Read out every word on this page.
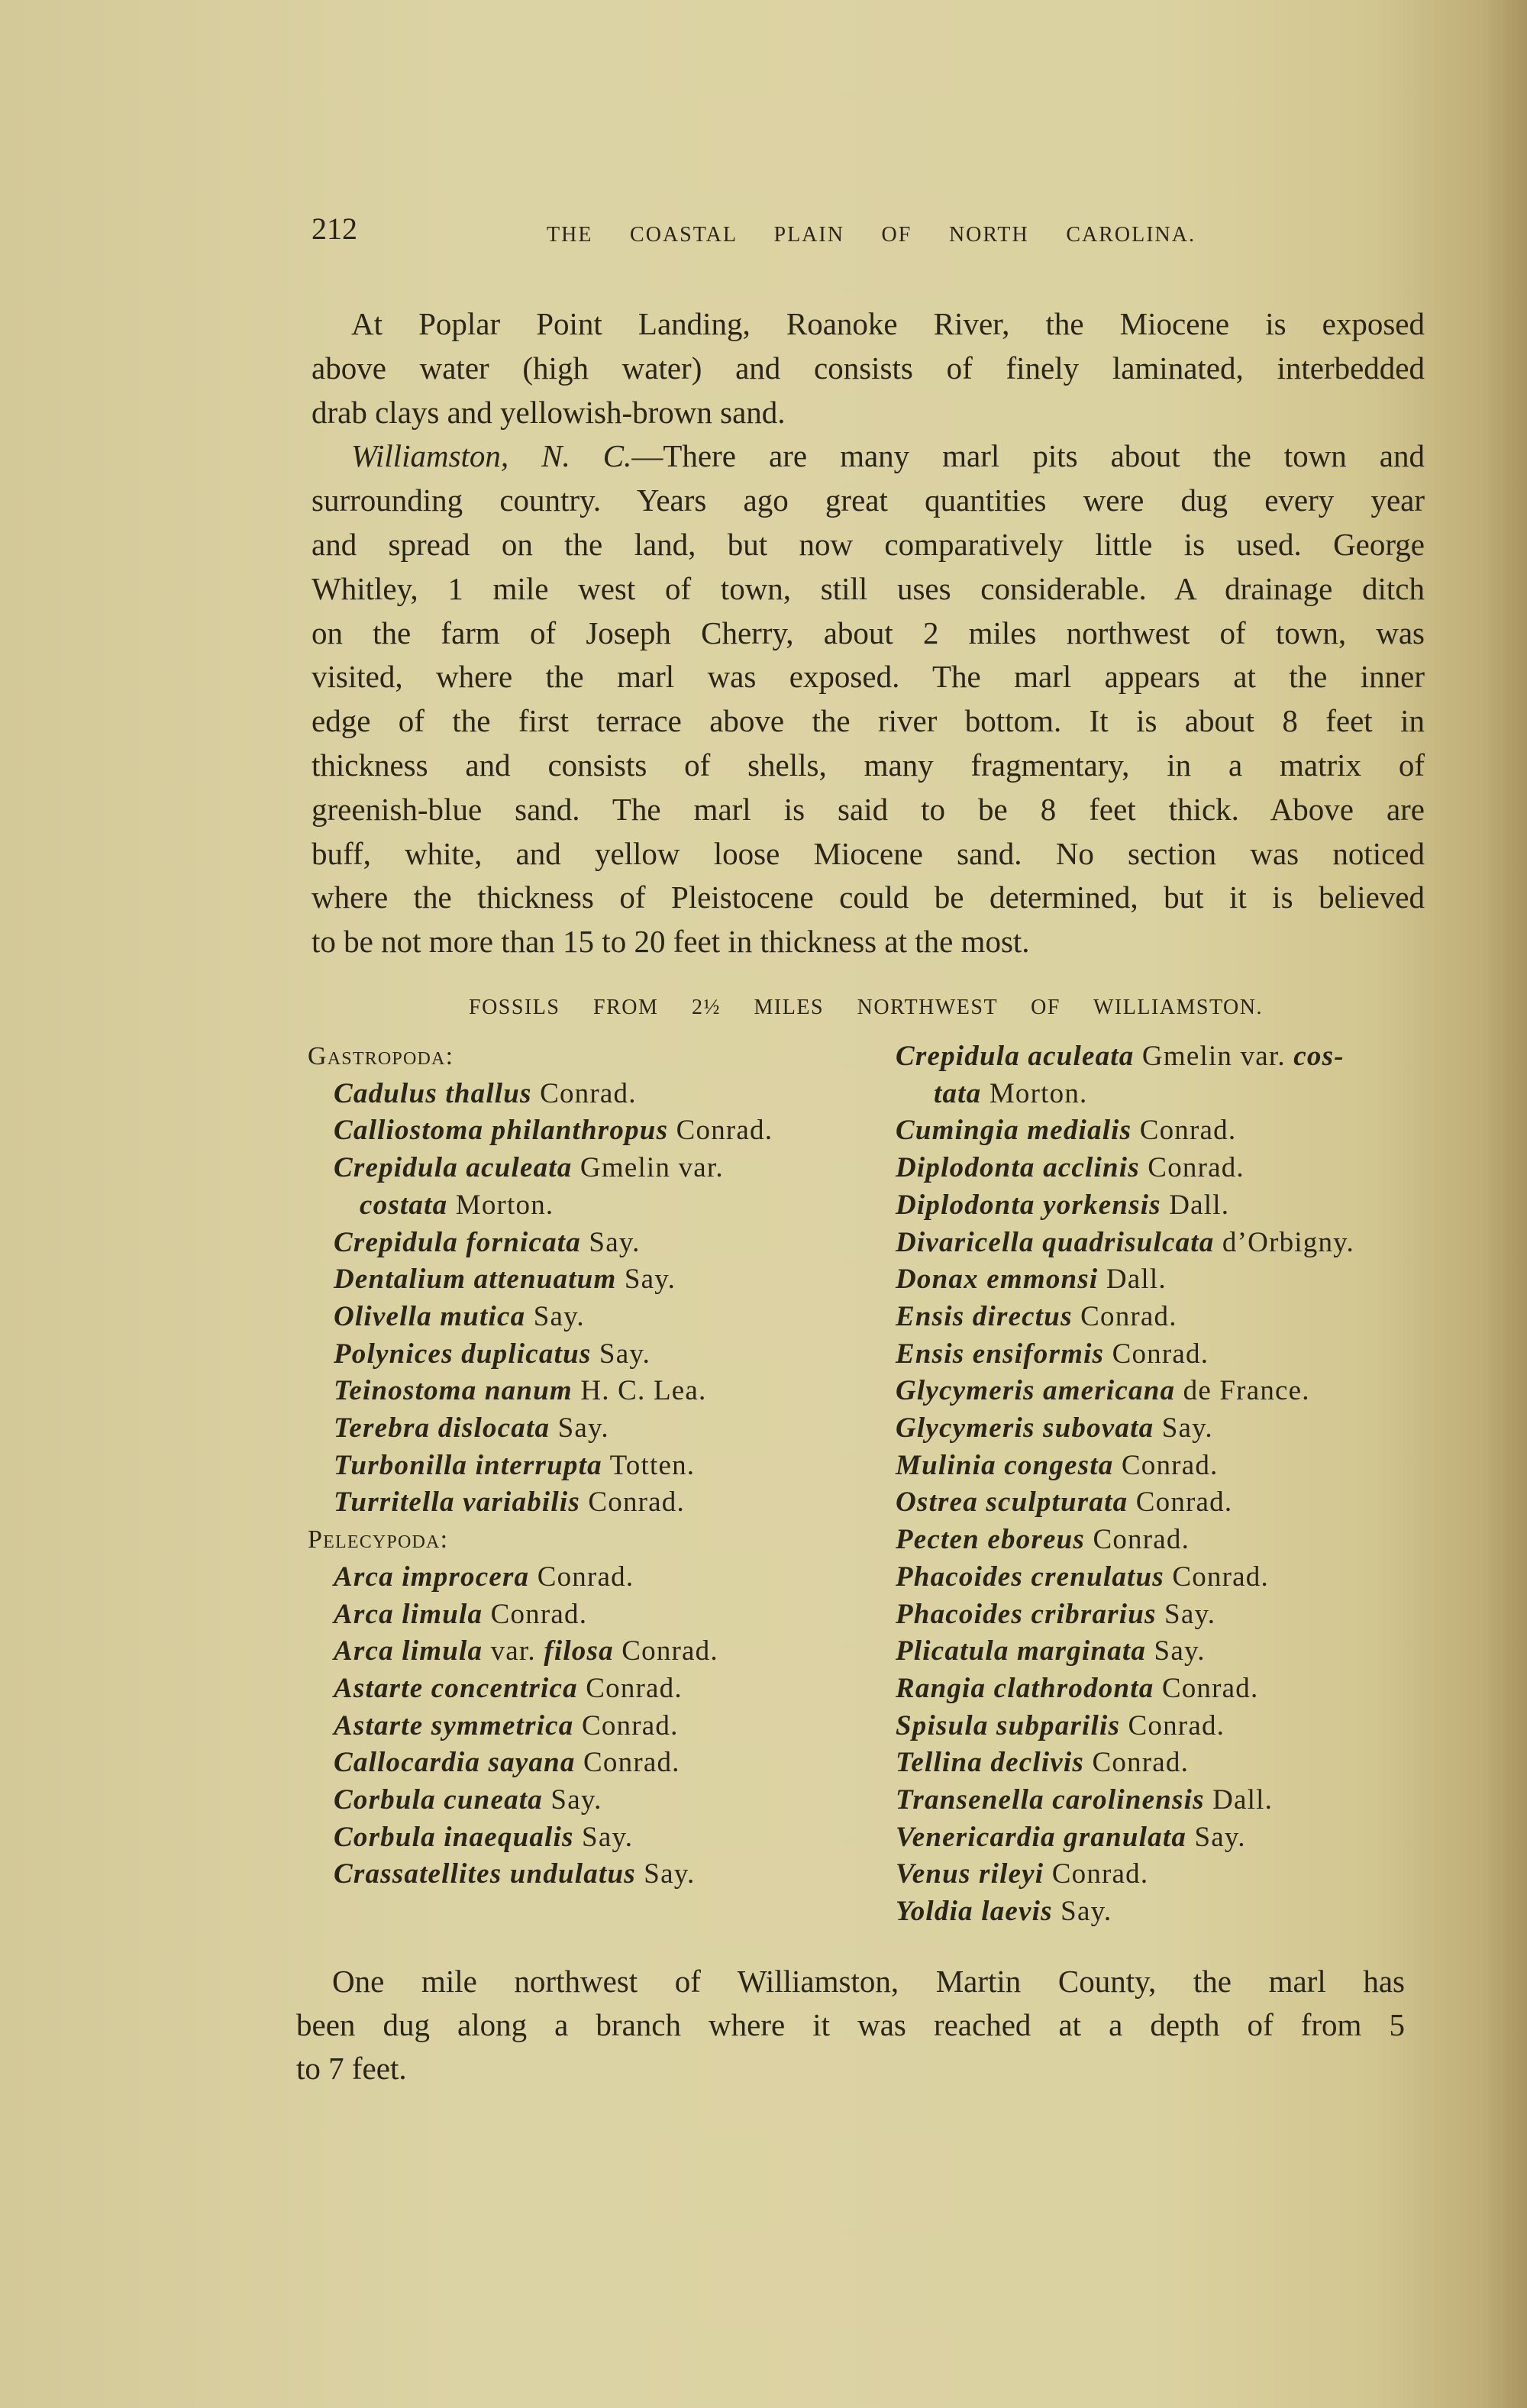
212	THE COASTAL PLAIN OF NORTH CAROLINA.
At Poplar Point Landing, Roanoke River, the Miocene is exposed
above water (high water) and consists of finely laminated, interbedded
drab clays and yellowish-brown sand.
Williamston, N. C.—There are many marl pits about the town and
surrounding country. Years ago great quantities were dug every year
and spread on the land, but now comparatively little is used. George
Whitley, 1 mile west of town, still uses considerable. A drainage ditch
on the farm of Joseph Cherry, about 2 miles northwest of town, was
visited, where the marl was exposed. The marl appears at the inner
edge of the first terrace above the river bottom. It is about 8 feet in
thickness and consists of shells, many fragmentary, in a matrix of
greenish-blue sand. The marl is said to be 8 feet thick. Above are
buff, white, and yellow loose Miocene sand. No section was noticed
where the thickness of Pleistocene could be determined, but it is believed
to be not more than 15 to 20 feet in thickness at the most.
FOSSILS FROM 2½ MILES NORTHWEST OF WILLIAMSTON.
Gastropoda:
Cadulus thallus Conrad.
Calliostoma philanthropus Conrad.
Crepidula aculeata Gmelin var.
costata Morton.
Crepidula fornicata Say.
Dentalium attenuatum Say.
Olivella mutica Say.
Polynices duplicatus Say.
Teinostoma nanum H. C. Lea.
Terebra dislocata Say.
Turbonilla interrupta Totten.
Turritella variabilis Conrad.
Pelecypoda:
Arca improcera Conrad.
Arca limula Conrad.
Arca limula var. filosa Conrad.
Astarte concentrica Conrad.
Astarte symmetrica Conrad.
Callocardia sayana Conrad.
Corbula cuneata Say.
Corbula inaequalis Say.
Crassatellites undulatus Say.
Crepidula aculeata Gmelin var. cos-
tata Morton.
Cumingia medialis Conrad.
Diplodonta acclinis Conrad.
Diplodonta yorkensis Dall.
Divaricella quadrisulcata d’Orbigny.
Donax emmonsi Dall.
Ensis directus Conrad.
Ensis ensiformis Conrad.
Glycymeris americana de France.
Glycymeris subovata Say.
Mulinia congesta Conrad.
Ostrea sculpturata Conrad.
Pecten eboreus Conrad.
Phacoides crenulatus Conrad.
Phacoides cribrarius Say.
Plicatula marginata Say.
Rangia clathrodonta Conrad.
Spisula subparilis Conrad.
Tellina declivis Conrad.
Transenella carolinensis Dall.
Venericardia granulata Say.
Venus rileyi Conrad.
Yoldia laevis Say.
One mile northwest of Williamston, Martin County, the marl has
been dug along a branch where it was reached at a depth of from 5
to 7 feet.
